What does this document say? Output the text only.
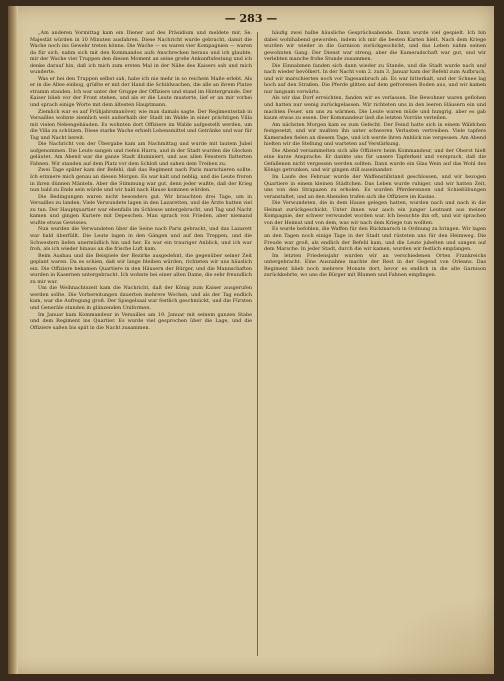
— 283 —

„Am anderen Vormittag kam ein Diener auf des Präsidium und meldete mir, Se. Majestät würden in 10 Minuten ausfahren. Diese Nachricht wurde gebracht, damit die Wache noch ins Gewehr treten könne. Die Wache — es waren vier Kompagnien — waren da für sich, nahm sich mit den Kommandos aufs Anschrecken heraus und ich glaubte, mir der Wache vier Truppen den diesen Moment an seine große Ankunftsfestung und ich denke darauf hin, daß ich mich zum ersten Mal in der Nähe des Kaisers sah und mich wunderte.

Was er bei den Truppen selbst sah, habe ich nie mehr in so reichem Maße erlebt. Als er in die Allee einbog, grüßte er mit der Hand die Schildwachen, die alle an ihrem Platze stramm standen. Ich war unter der Gruppe der Offiziere und stand im Hintergrunde. Der Kaiser blieb vor der Front stehen, und als er die Leute musterte, lief er an mir vorbei und sprach einige Worte mit dem ältesten Hauptmann.

Ziemlich war es auf Frühjahrsmanöver, wie man damals sagte. Der Regimentsstab in Versailles wohnte ziemlich weit außerhalb der Stadt im Walde in einer prächtigen Villa mit vielen Nebengebäuden. Es wohnten dort Offiziere im Walde aufgestellt werden, um die Villa zu schützen. Diese starke Wache erhielt Lebensmittel und Getränke und war für Tag und Nacht bereit.

Die Nachricht von der Übergabe kam am Nachmittag und wurde mit lautem Jubel aufgenommen. Die Leute sangen und riefen Hurra, und in der Stadt wurden die Glocken geläutet. Am Abend war die ganze Stadt illuminiert, und aus allen Fenstern flatterten Fahnen. Wir standen auf dem Platz vor dem Schloß und sahen dem Treiben zu.

Zwei Tage später kam der Befehl, daß das Regiment nach Paris marschieren sollte. Ich erinnere mich genau an diesen Morgen. Es war kalt und neblig, und die Leute froren in ihren dünnen Mänteln. Aber die Stimmung war gut, denn jeder wußte, daß der Krieg nun bald zu Ende sein würde und wir bald nach Hause kommen würden.

Die Bedingungen waren nicht besonders gut. Wir brauchten drei Tage, um in Versailles zu landen. Viele Verwundete lagen in den Lazaretten, und die Ärzte hatten viel zu tun. Der Hauptquartier war ebenfalls im Schlosse untergebracht, und Tag und Nacht kamen und gingen Kuriere mit Depeschen. Man sprach von Frieden, aber niemand wußte etwas Gewisses.

Nun wurden die Verwundeten über die Seine nach Paris gebracht, und das Lazarett war bald überfüllt. Die Leute lagen in den Gängen und auf den Treppen, und die Schwestern liefen unermüdlich hin und her. Es war ein trauriger Anblick, und ich war froh, als ich wieder hinaus an die frische Luft kam.

Beim Ausbau und die Beispiele der Bezirke ausgedehnt, die gegenüber seiner Zeit geplant waren. Da es schien, daß wir lange bleiben würden, richteten wir uns häuslich ein. Die Offiziere bekamen Quartiere in den Häusern der Bürger, und die Mannschaften wurden in Kasernen untergebracht. Ich wohnte bei einer alten Dame, die sehr freundlich zu mir war.

Um die Weihnachtszeit kam die Nachricht, daß der König zum Kaiser ausgerufen werden sollte. Die Vorbereitungen dauerten mehrere Wochen, und als der Tag endlich kam, war die Aufregung groß. Der Spiegelsaal war festlich geschmückt, und die Fürsten und Generäle standen in glänzenden Uniformen.

Im Januar kam Kommandeur in Versailles am 19. Januar mit seinem ganzen Stabe und dem Regiment ins Quartier. Es wurde viel gesprochen über die Lage, und die Offiziere saßen bis spät in die Nacht zusammen.

häufig zwei halbe häusliche Gesprächsabende. Dann wurde viel gespielt. Ich bin dabei wohlhabend geworden, indem ich mir die besten Karten hielt. Nach dem Kriege wurden wir wieder in die Garnison zurückgeschickt, und das Leben nahm seinen gewohnten Gang. Der Dienst war streng, aber die Kameradschaft war gut, und wir verlebten manche frohe Stunde zusammen.

Die Einnahmen fanden sich dann wieder zu Stande, und die Stadt wurde nach und nach wieder bevölkert. In der Nacht vom 2. zum 3. Januar kam der Befehl zum Aufbruch, und wir marschierten noch vor Tagesanbruch ab. Es war bitterkalt, und der Schnee lag hoch auf den Straßen. Die Pferde glitten auf dem gefrorenen Boden aus, und wir kamen nur langsam vorwärts.

Als wir das Dorf erreichten, fanden wir es verlassen. Die Bewohner waren geflohen und hatten nur wenig zurückgelassen. Wir richteten uns in den leeren Häusern ein und machten Feuer, um uns zu wärmen. Die Leute waren müde und hungrig, aber es gab kaum etwas zu essen. Der Kommandeur ließ die letzten Vorräte verteilen.

Am nächsten Morgen kam es zum Gefecht. Der Feind hatte sich in einem Wäldchen festgesetzt, und wir mußten ihn unter schweren Verlusten vertreiben. Viele tapfere Kameraden fielen an diesem Tage, und ich werde ihren Anblick nie vergessen. Am Abend hielten wir die Stellung und warteten auf Verstärkung.

Die Abend versammelten sich alle Offiziere beim Kommandeur, und der Oberst hielt eine kurze Ansprache. Er dankte uns für unsere Tapferkeit und versprach, daß die Gefallenen nicht vergessen werden sollten. Dann wurde ein Glas Wein auf das Wohl des Königs getrunken, und wir gingen still auseinander.

Im Laufe des Februar wurde der Waffenstillstand geschlossen, und wir bezogen Quartiere in einem kleinen Städtchen. Das Leben wurde ruhiger, und wir hatten Zeit, uns von den Strapazen zu erholen. Es wurden Pferderennen und Schießübungen veranstaltet, und an den Abenden trafen sich die Offiziere im Kasino.

Die Verwundeten, die in dem Hause gelegen hatten, wurden nach und nach in die Heimat zurückgeschickt. Unter ihnen war auch ein junger Leutnant aus meiner Kompagnie, der schwer verwundet worden war. Ich besuchte ihn oft, und wir sprachen von der Heimat und von dem, was wir nach dem Kriege tun wollten.

Es wurde befohlen, die Waffen für den Rückmarsch in Ordnung zu bringen. Wir lagen an den Tagen noch einige Tage in der Stadt und rüsteten uns für den Heimweg. Die Freude war groß, als endlich der Befehl kam, und die Leute jubelten und sangen auf dem Marsche. In jeder Stadt, durch die wir kamen, wurden wir festlich empfangen.

Im letzten Friedensjahr wurden wir an verschiedenen Orten Frankreichs untergebracht. Eine Ausnahme machte der Rest in der Gegend von Orleans. Das Regiment blieb noch mehrere Monate dort, bevor es endlich in die alte Garnison zurückkehrte, wo uns die Bürger mit Blumen und Fahnen empfingen.
